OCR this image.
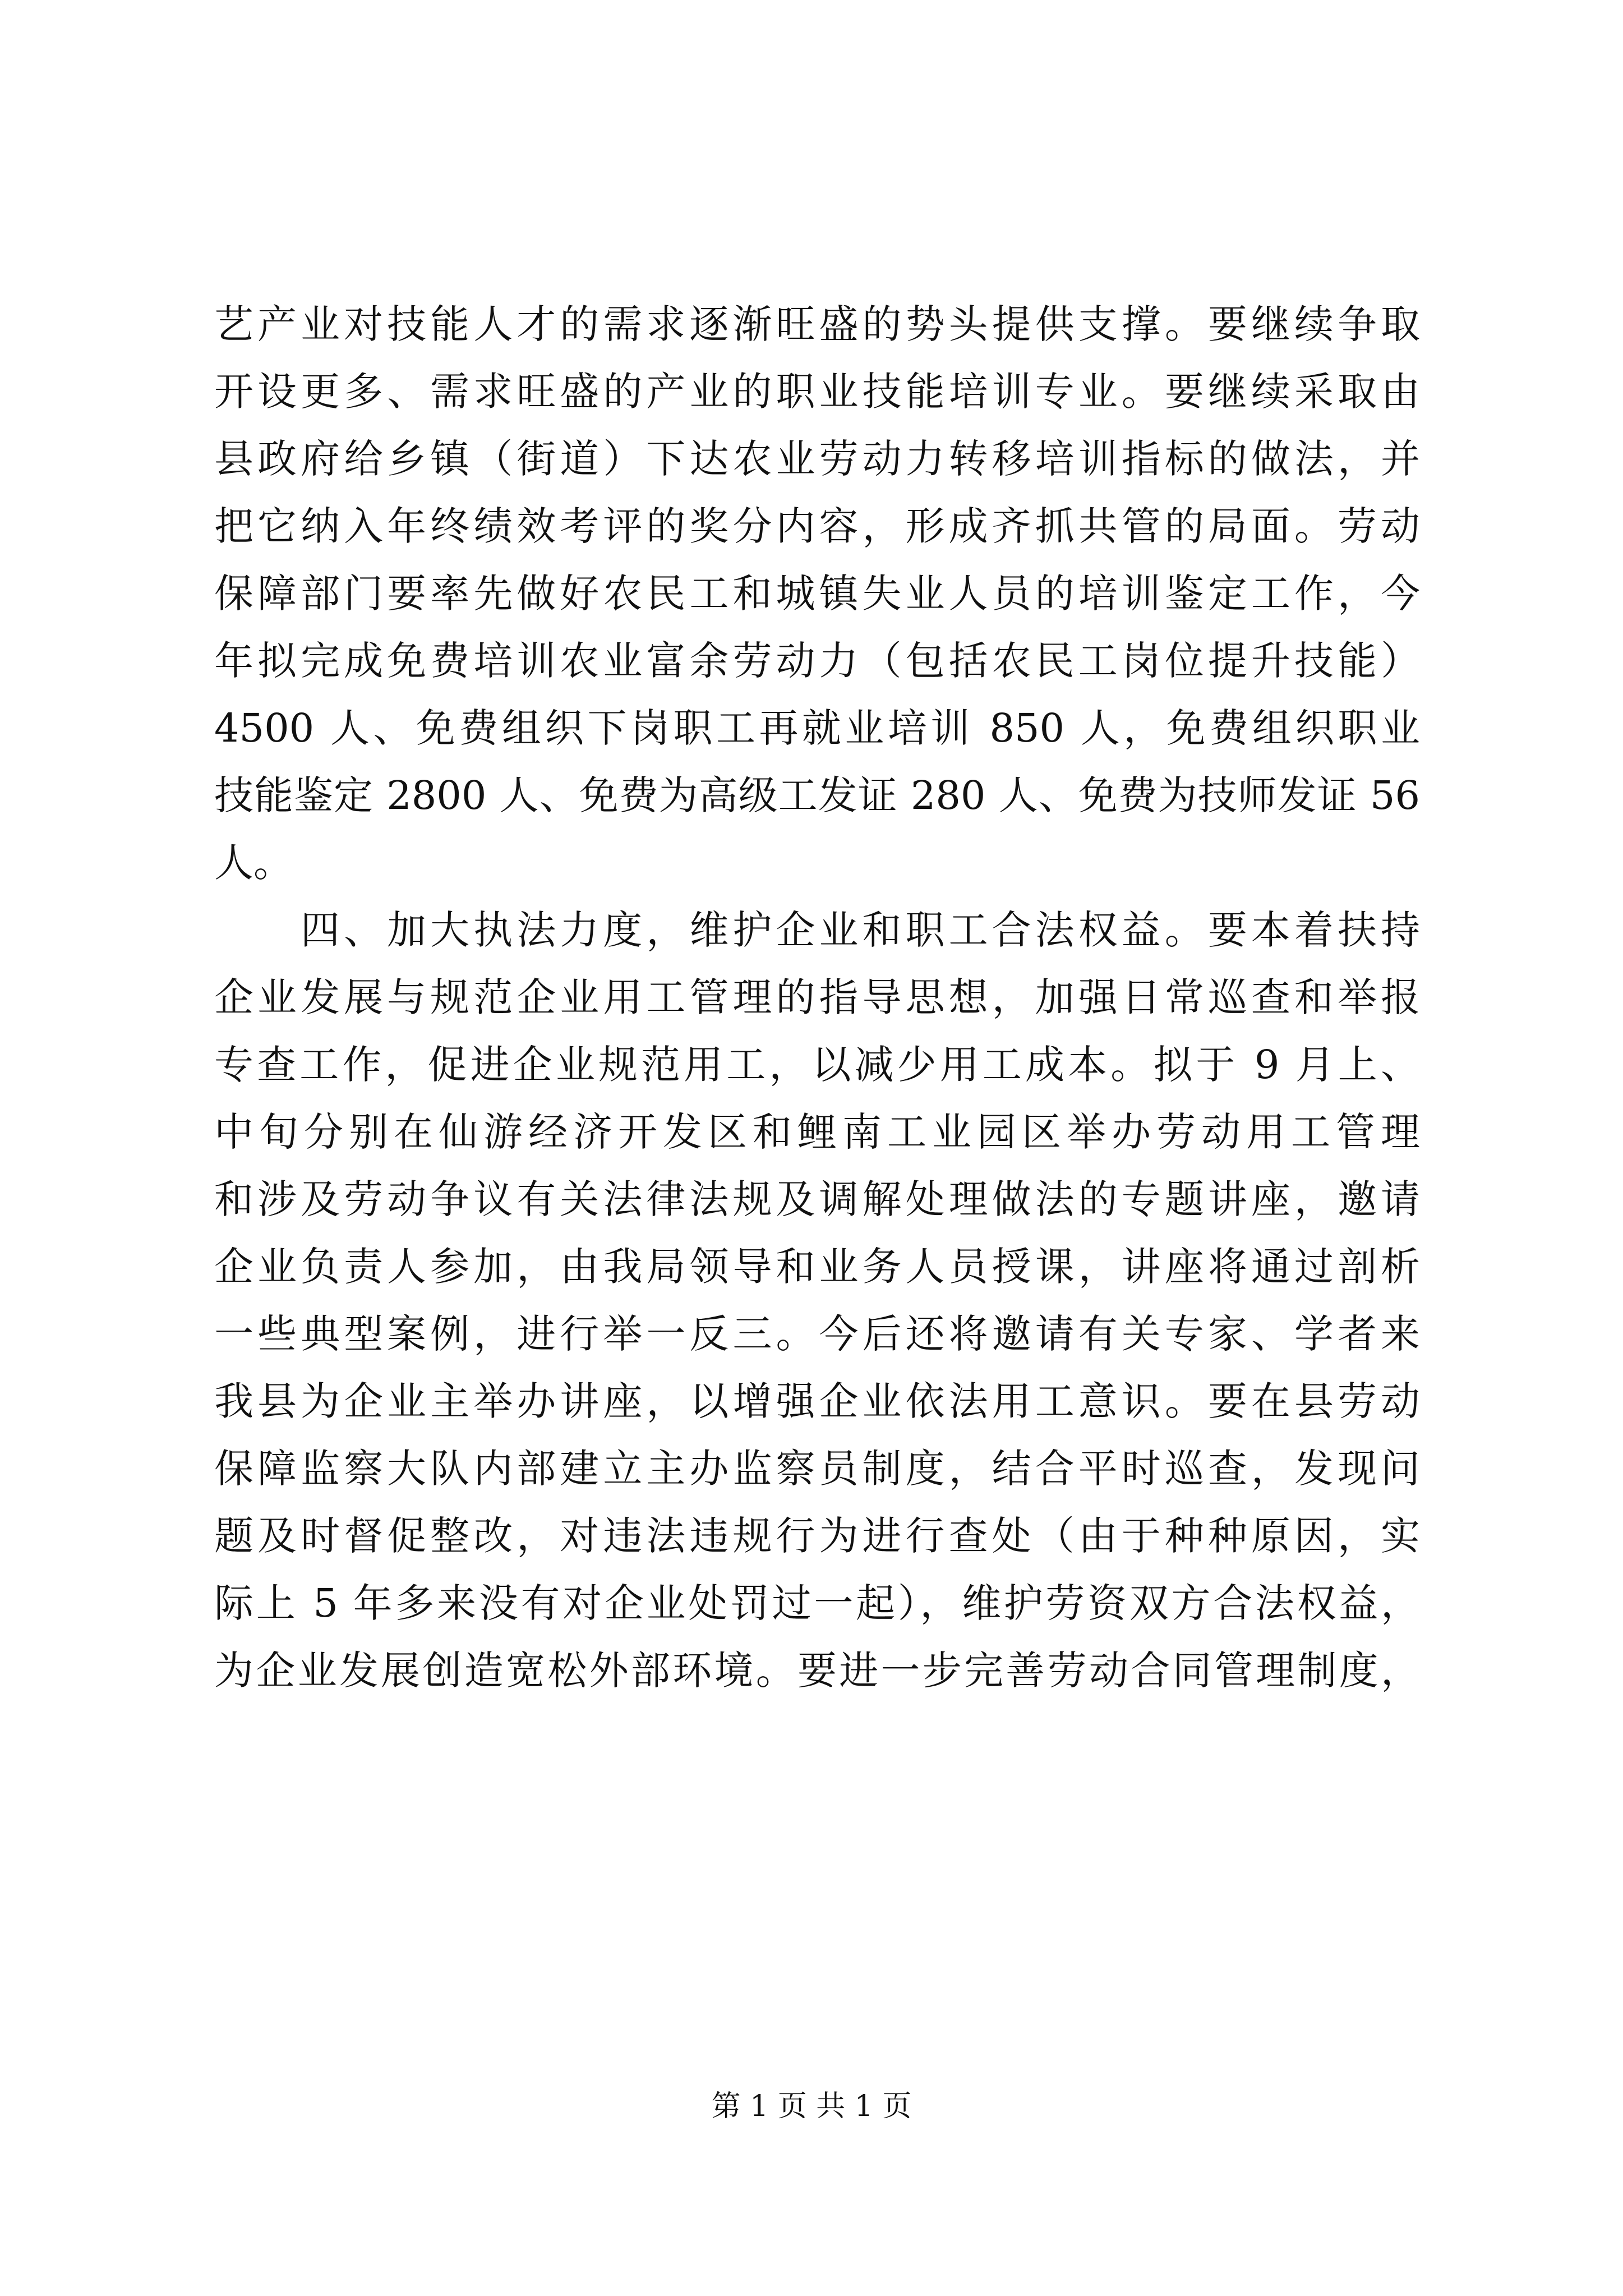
艺产业对技能人才的需求逐渐旺盛的势头提供支撑。要继续争取
开设更多、需求旺盛的产业的职业技能培训专业。要继续采取由
县政府给乡镇（街道）下达农业劳动力转移培训指标的做法，并
把它纳入年终绩效考评的奖分内容，形成齐抓共管的局面。劳动
保障部门要率先做好农民工和城镇失业人员的培训鉴定工作，今
年拟完成免费培训农业富余劳动力（包括农民工岗位提升技能）
4500 人、免费组织下岗职工再就业培训 850 人，免费组织职业
技能鉴定 2800 人、免费为高级工发证 280 人、免费为技师发证 56
人。
四、加大执法力度，维护企业和职工合法权益。要本着扶持
企业发展与规范企业用工管理的指导思想，加强日常巡查和举报
专查工作，促进企业规范用工，以减少用工成本。拟于 9 月上、
中旬分别在仙游经济开发区和鲤南工业园区举办劳动用工管理
和涉及劳动争议有关法律法规及调解处理做法的专题讲座，邀请
企业负责人参加，由我局领导和业务人员授课，讲座将通过剖析
一些典型案例，进行举一反三。今后还将邀请有关专家、学者来
我县为企业主举办讲座，以增强企业依法用工意识。要在县劳动
保障监察大队内部建立主办监察员制度，结合平时巡查，发现问
题及时督促整改，对违法违规行为进行查处（由于种种原因，实
际上 5 年多来没有对企业处罚过一起），维护劳资双方合法权益，
为企业发展创造宽松外部环境。要进一步完善劳动合同管理制度，
第 1 页 共 1 页
